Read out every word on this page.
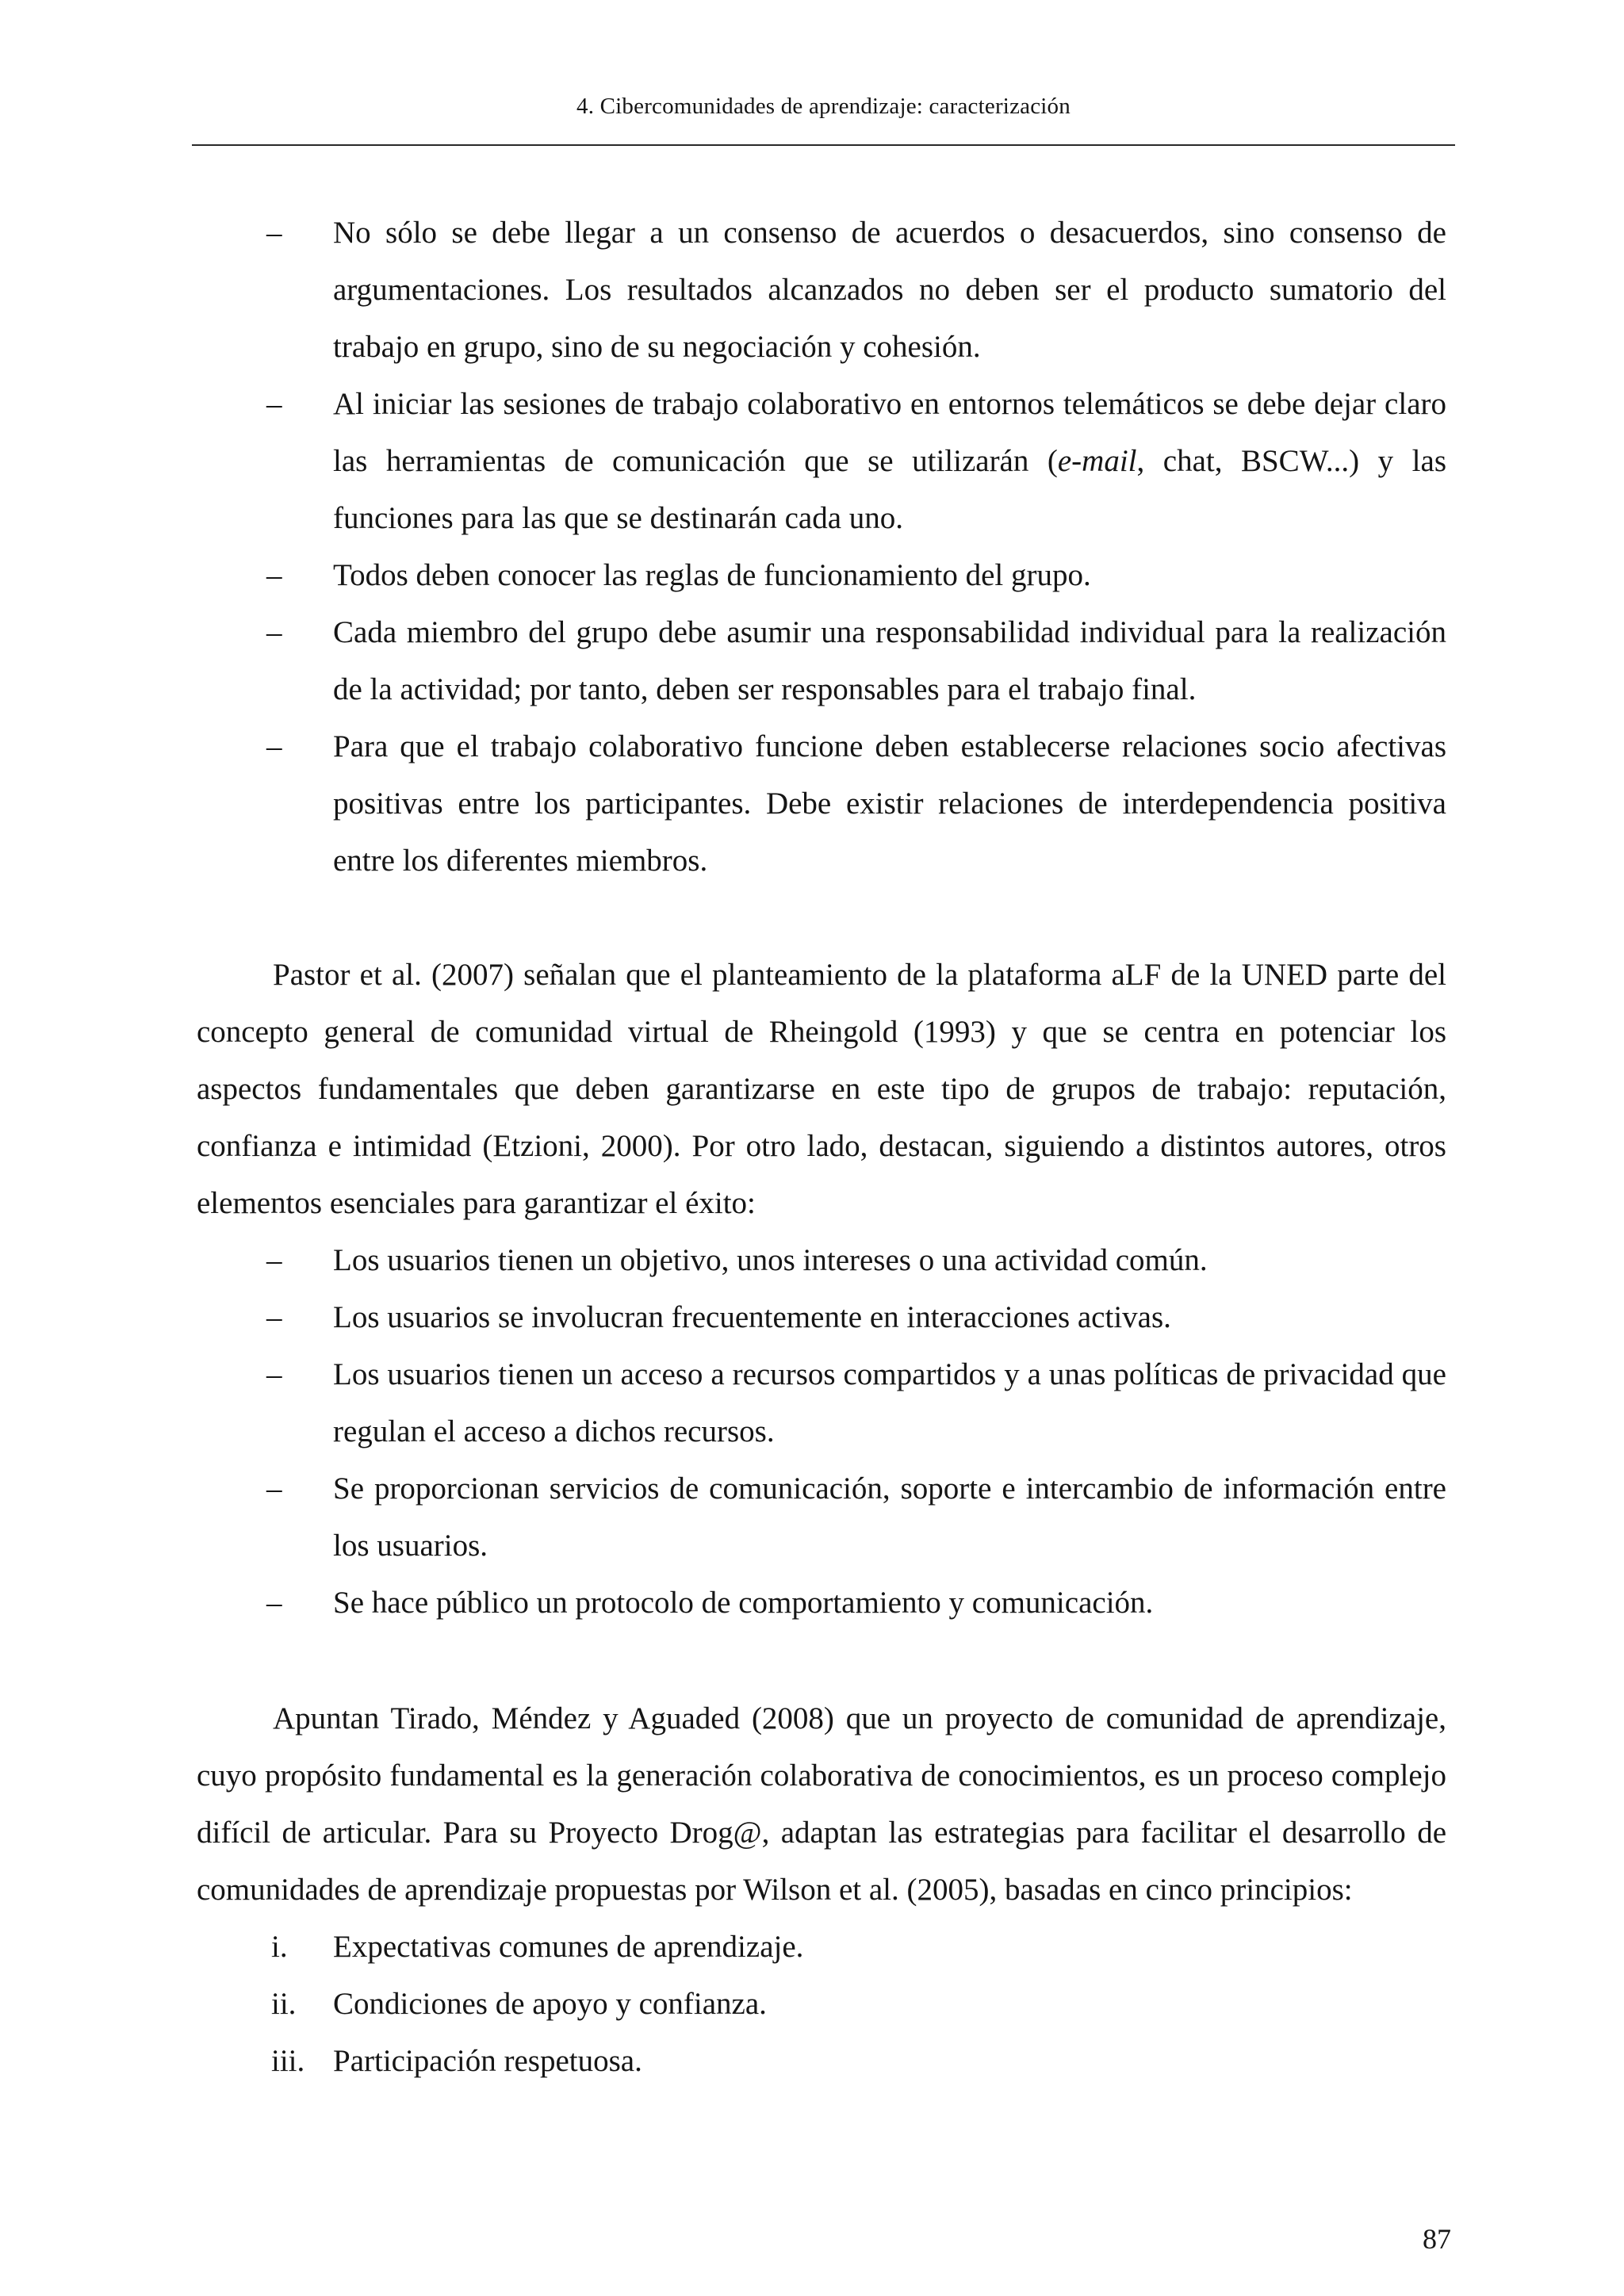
4. Cibercomunidades de aprendizaje: caracterización
– No sólo se debe llegar a un consenso de acuerdos o desacuerdos, sino consenso de argumentaciones. Los resultados alcanzados no deben ser el producto sumatorio del trabajo en grupo, sino de su negociación y cohesión.
– Al iniciar las sesiones de trabajo colaborativo en entornos telemáticos se debe dejar claro las herramientas de comunicación que se utilizarán (e-mail, chat, BSCW...) y las funciones para las que se destinarán cada uno.
– Todos deben conocer las reglas de funcionamiento del grupo.
– Cada miembro del grupo debe asumir una responsabilidad individual para la realización de la actividad; por tanto, deben ser responsables para el trabajo final.
– Para que el trabajo colaborativo funcione deben establecerse relaciones socio afectivas positivas entre los participantes. Debe existir relaciones de interdependencia positiva entre los diferentes miembros.

Pastor et al. (2007) señalan que el planteamiento de la plataforma aLF de la UNED parte del concepto general de comunidad virtual de Rheingold (1993) y que se centra en potenciar los aspectos fundamentales que deben garantizarse en este tipo de grupos de trabajo: reputación, confianza e intimidad (Etzioni, 2000). Por otro lado, destacan, siguiendo a distintos autores, otros elementos esenciales para garantizar el éxito:

– Los usuarios tienen un objetivo, unos intereses o una actividad común.
– Los usuarios se involucran frecuentemente en interacciones activas.
– Los usuarios tienen un acceso a recursos compartidos y a unas políticas de privacidad que regulan el acceso a dichos recursos.
– Se proporcionan servicios de comunicación, soporte e intercambio de información entre los usuarios.
– Se hace público un protocolo de comportamiento y comunicación.

Apuntan Tirado, Méndez y Aguaded (2008) que un proyecto de comunidad de aprendizaje, cuyo propósito fundamental es la generación colaborativa de conocimientos, es un proceso complejo difícil de articular. Para su Proyecto Drog@, adaptan las estrategias para facilitar el desarrollo de comunidades de aprendizaje propuestas por Wilson et al. (2005), basadas en cinco principios:

i. Expectativas comunes de aprendizaje.
ii. Condiciones de apoyo y confianza.
iii. Participación respetuosa.
87
